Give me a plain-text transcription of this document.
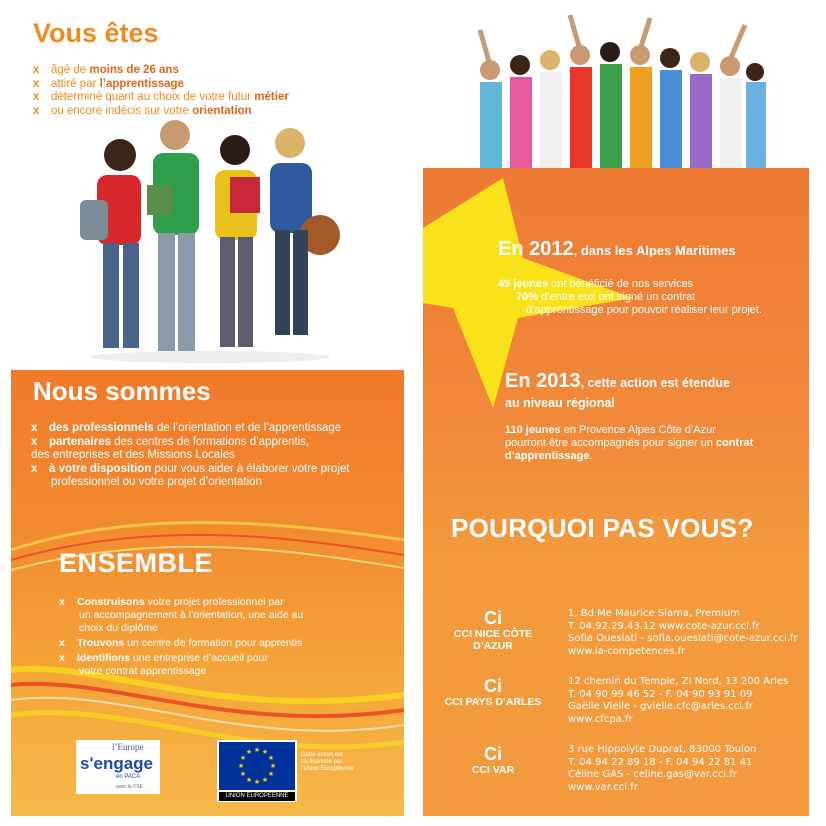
Vous êtes
x âgé de moins de 26 ans
x attiré par l’apprentissage
x déterminé quant au choix de votre futur métier
x ou encore indécis sur votre orientation
Nous sommes
x des professionnels de l’orientation et de l’apprentissage
x partenaires des centres de formations d’apprentis,
des entreprises et des Missions Locales
x à votre disposition pour vous aider à élaborer votre projet
professionnel ou votre projet d’orientation
ENSEMBLE
x Construisons votre projet professionnel par
un accompagnement à l’orientation, une aide au
choix du diplôme
x Trouvons un centre de formation pour apprentis
x Identifions une entreprise d’accueil pour
votre contrat apprentissage
l’Europe
s'engage
en PACA
avec le FSE
★ ★
★
★
★
★
★
★
★
★
★
★
UNION EUROPEENNE
Cette action est
co-financée par
l'Union Européenne
En 2012, dans les Alpes Maritimes
49 jeunes ont bénéficié de nos services
70% d’entre eux ont signé un contrat
d’apprentissage pour pouvoir réaliser leur projet.
En 2013, cette action est étendue
au niveau régional
110 jeunes en Provence Alpes Côte d’Azur
pourront être accompagnés pour signer un contrat
d’apprentissage.
POURQUOI PAS VOUS?
Ci
CCI NICE CÔTE D’AZUR
1, Bd Me Maurice Slama, Premium
T. 04.92.29.43.12 www.cote-azur.cci.fr
Sofia Oueslati - sofia.oueslati@cote-azur.cci.fr
www.ia-competences.fr
Ci
CCI PAYS D’ARLES
12 chemin du Temple, ZI Nord, 13 200 Arles
T. 04 90 99 46 52 - F. 04 90 93 91 09
Gaëlle Vielle - gvielle.cfc@arles.cci.fr
www.cfcpa.fr
Ci
CCI VAR
3 rue Hippolyte Duprat, 83000 Toulon
T. 04 94 22 89 18 - F. 04 94 22 81 41
Céline GAS - celine.gas@var.cci.fr
www.var.cci.fr
